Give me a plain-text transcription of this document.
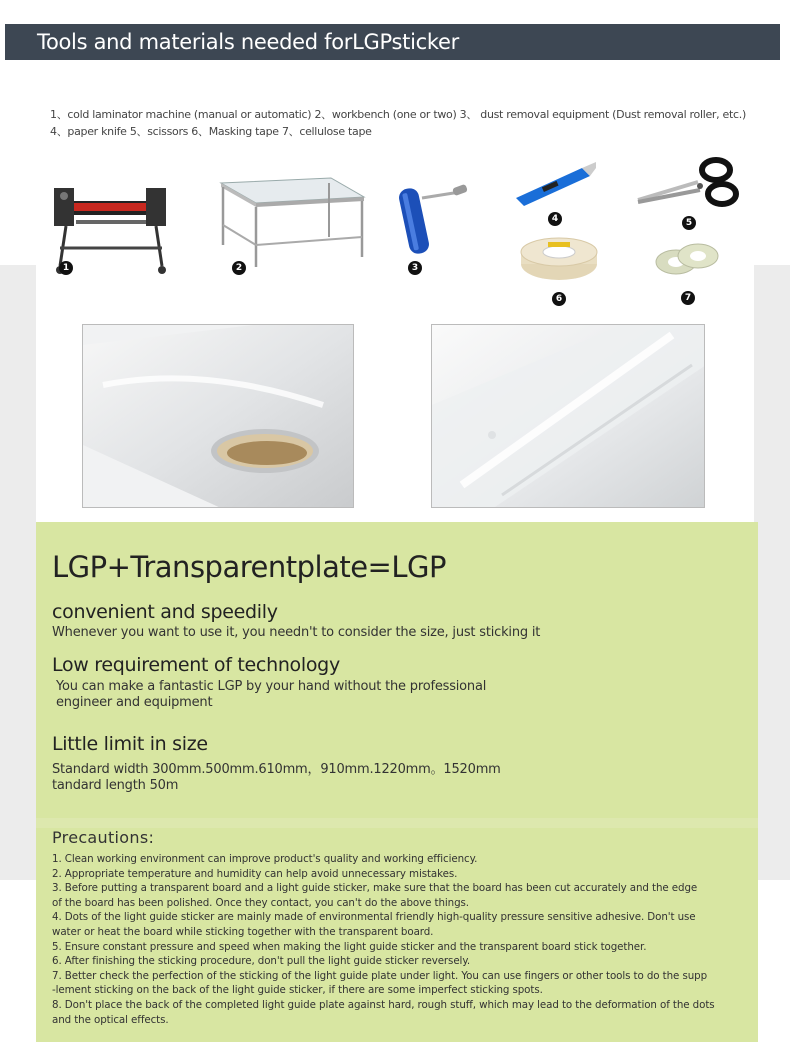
Tools and materials needed forLGPsticker
1、cold laminator machine (manual or automatic) 2、workbench (one or two) 3、 dust removal equipment (Dust removal roller, etc.)
4、paper knife 5、scissors 6、Masking tape 7、cellulose tape
1	2	3
4	5
6	7
LGP+Transparentplate=LGP
convenient and speedily
Whenever you want to use it, you needn't to consider the size, just sticking it
Low requirement of technology
You can make a fantastic LGP by your hand without the professional
engineer and equipment
Little limit in size
Standard width 300mm.500mm.610mm，910mm.1220mm。1520mm
tandard length 50m
Precautions:
1. Clean working environment can improve product's quality and working efficiency.
2. Appropriate temperature and humidity can help avoid unnecessary mistakes.
3. Before putting a transparent board and a light guide sticker, make sure that the board has been cut accurately and the edge
of the board has been polished. Once they contact, you can't do the above things.
4. Dots of the light guide sticker are mainly made of environmental friendly high-quality pressure sensitive adhesive. Don't use
water or heat the board while sticking together with the transparent board.
5. Ensure constant pressure and speed when making the light guide sticker and the transparent board stick together.
6. After finishing the sticking procedure, don't pull the light guide sticker reversely.
7. Better check the perfection of the sticking of the light guide plate under light. You can use fingers or other tools to do the supp
-lement sticking on the back of the light guide sticker, if there are some imperfect sticking spots.
8. Don't place the back of the completed light guide plate against hard, rough stuff, which may lead to the deformation of the dots
and the optical effects.
